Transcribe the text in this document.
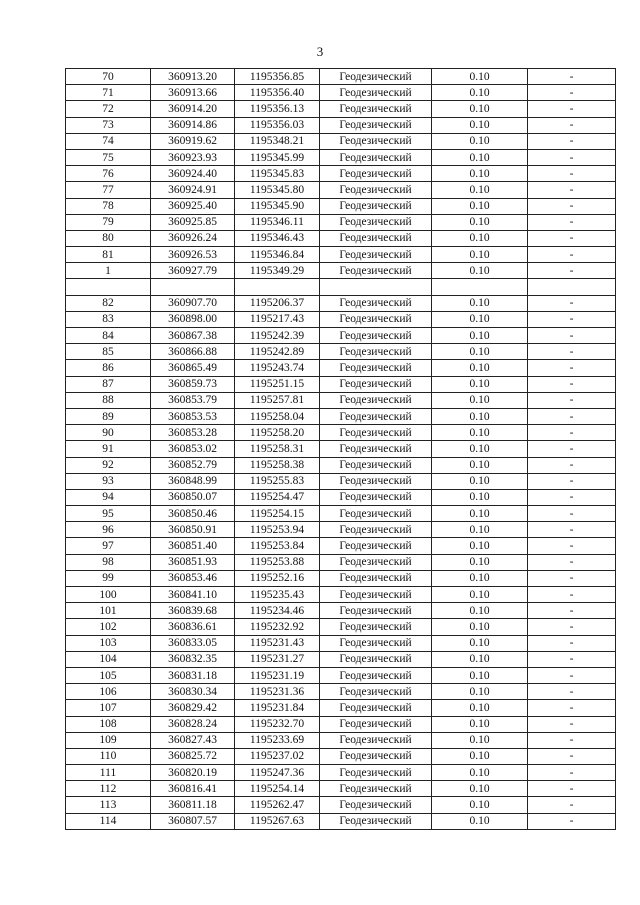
3
70	360913.20	1195356.85	Геодезический	0.10	-
71	360913.66	1195356.40	Геодезический	0.10	-
72	360914.20	1195356.13	Геодезический	0.10	-
73	360914.86	1195356.03	Геодезический	0.10	-
74	360919.62	1195348.21	Геодезический	0.10	-
75	360923.93	1195345.99	Геодезический	0.10	-
76	360924.40	1195345.83	Геодезический	0.10	-
77	360924.91	1195345.80	Геодезический	0.10	-
78	360925.40	1195345.90	Геодезический	0.10	-
79	360925.85	1195346.11	Геодезический	0.10	-
80	360926.24	1195346.43	Геодезический	0.10	-
81	360926.53	1195346.84	Геодезический	0.10	-
1	360927.79	1195349.29	Геодезический	0.10	-

82	360907.70	1195206.37	Геодезический	0.10	-
83	360898.00	1195217.43	Геодезический	0.10	-
84	360867.38	1195242.39	Геодезический	0.10	-
85	360866.88	1195242.89	Геодезический	0.10	-
86	360865.49	1195243.74	Геодезический	0.10	-
87	360859.73	1195251.15	Геодезический	0.10	-
88	360853.79	1195257.81	Геодезический	0.10	-
89	360853.53	1195258.04	Геодезический	0.10	-
90	360853.28	1195258.20	Геодезический	0.10	-
91	360853.02	1195258.31	Геодезический	0.10	-
92	360852.79	1195258.38	Геодезический	0.10	-
93	360848.99	1195255.83	Геодезический	0.10	-
94	360850.07	1195254.47	Геодезический	0.10	-
95	360850.46	1195254.15	Геодезический	0.10	-
96	360850.91	1195253.94	Геодезический	0.10	-
97	360851.40	1195253.84	Геодезический	0.10	-
98	360851.93	1195253.88	Геодезический	0.10	-
99	360853.46	1195252.16	Геодезический	0.10	-
100	360841.10	1195235.43	Геодезический	0.10	-
101	360839.68	1195234.46	Геодезический	0.10	-
102	360836.61	1195232.92	Геодезический	0.10	-
103	360833.05	1195231.43	Геодезический	0.10	-
104	360832.35	1195231.27	Геодезический	0.10	-
105	360831.18	1195231.19	Геодезический	0.10	-
106	360830.34	1195231.36	Геодезический	0.10	-
107	360829.42	1195231.84	Геодезический	0.10	-
108	360828.24	1195232.70	Геодезический	0.10	-
109	360827.43	1195233.69	Геодезический	0.10	-
110	360825.72	1195237.02	Геодезический	0.10	-
111	360820.19	1195247.36	Геодезический	0.10	-
112	360816.41	1195254.14	Геодезический	0.10	-
113	360811.18	1195262.47	Геодезический	0.10	-
114	360807.57	1195267.63	Геодезический	0.10	-
